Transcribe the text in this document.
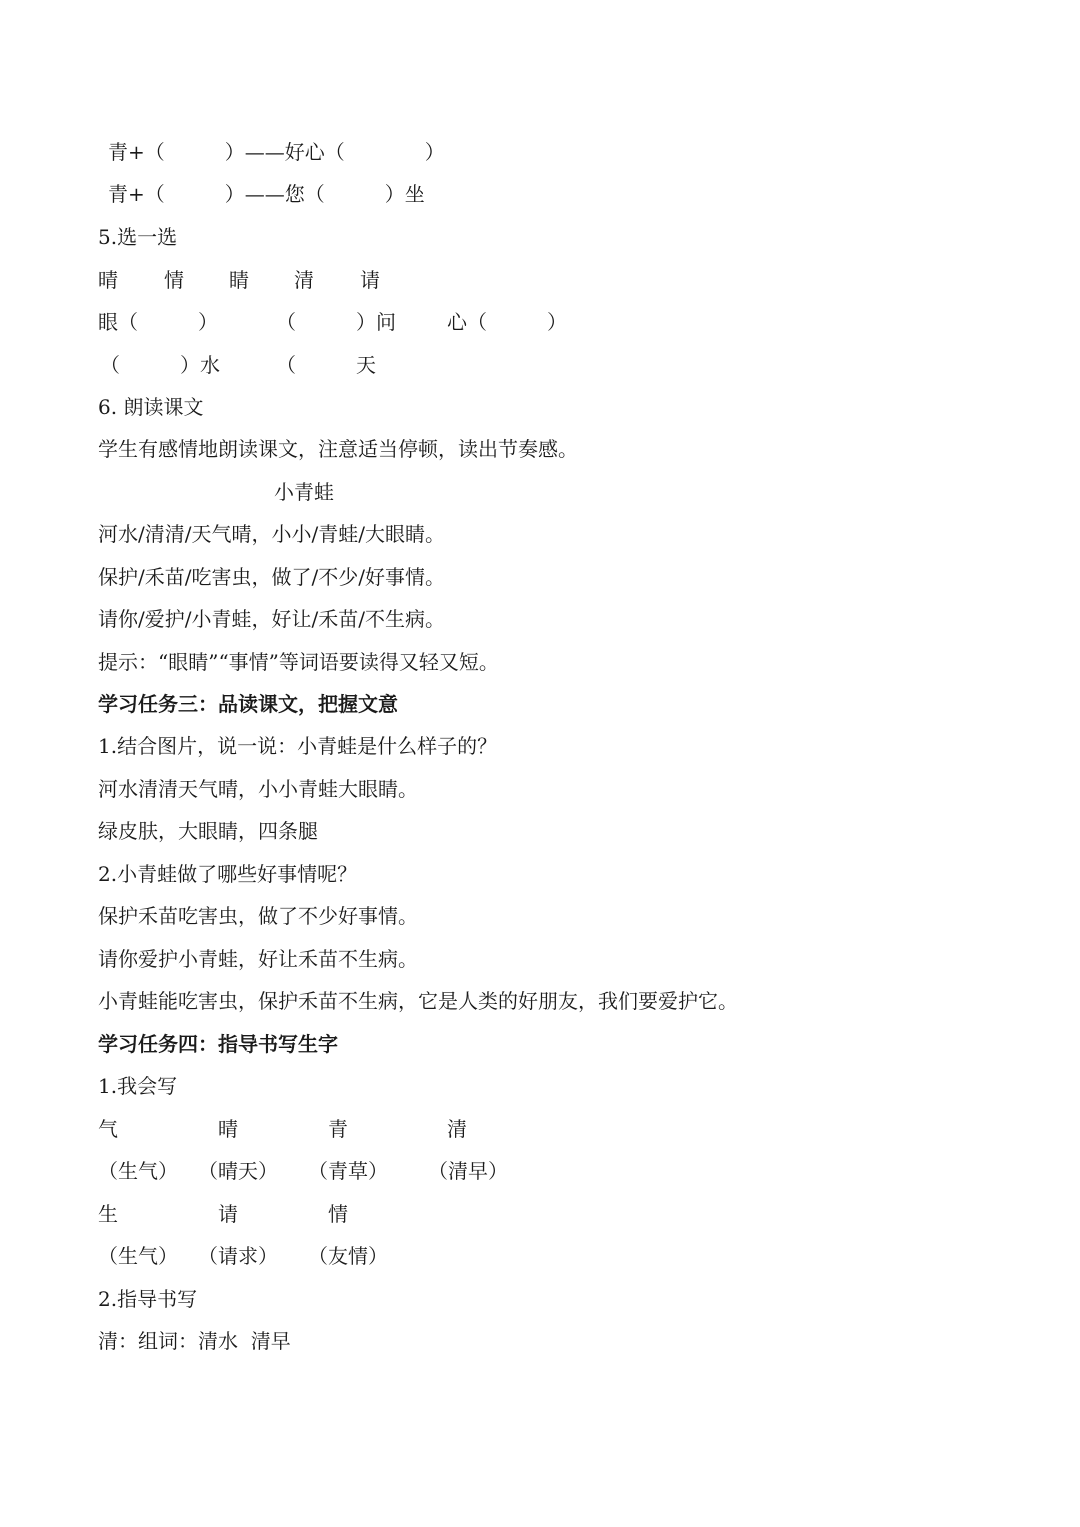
青+（　　　）——好心（　　　　）
青+（　　　）——您（　　　）坐
5.选一选
晴 情 睛 清 请
眼（　　　）	（　　　）问	心（　　　）
（　　　）水	（　　　天
6. 朗读课文
学生有感情地朗读课文，注意适当停顿，读出节奏感。
小青蛙
河水/清清/天气晴，小小/青蛙/大眼睛。
保护/禾苗/吃害虫，做了/不少/好事情。
请你/爱护/小青蛙，好让/禾苗/不生病。
提示：“眼睛”“事情”等词语要读得又轻又短。
学习任务三：品读课文，把握文意
1.结合图片，说一说：小青蛙是什么样子的？
河水清清天气晴，小小青蛙大眼睛。
绿皮肤，大眼睛，四条腿
2.小青蛙做了哪些好事情呢？
保护禾苗吃害虫，做了不少好事情。
请你爱护小青蛙，好让禾苗不生病。
小青蛙能吃害虫，保护禾苗不生病，它是人类的好朋友，我们要爱护它。
学习任务四：指导书写生字
1.我会写
气	晴	青	清
（生气） （晴天） （青草） （清早）
生	请	情
（生气） （请求） （友情）
2.指导书写
清：组词：清水  清早
